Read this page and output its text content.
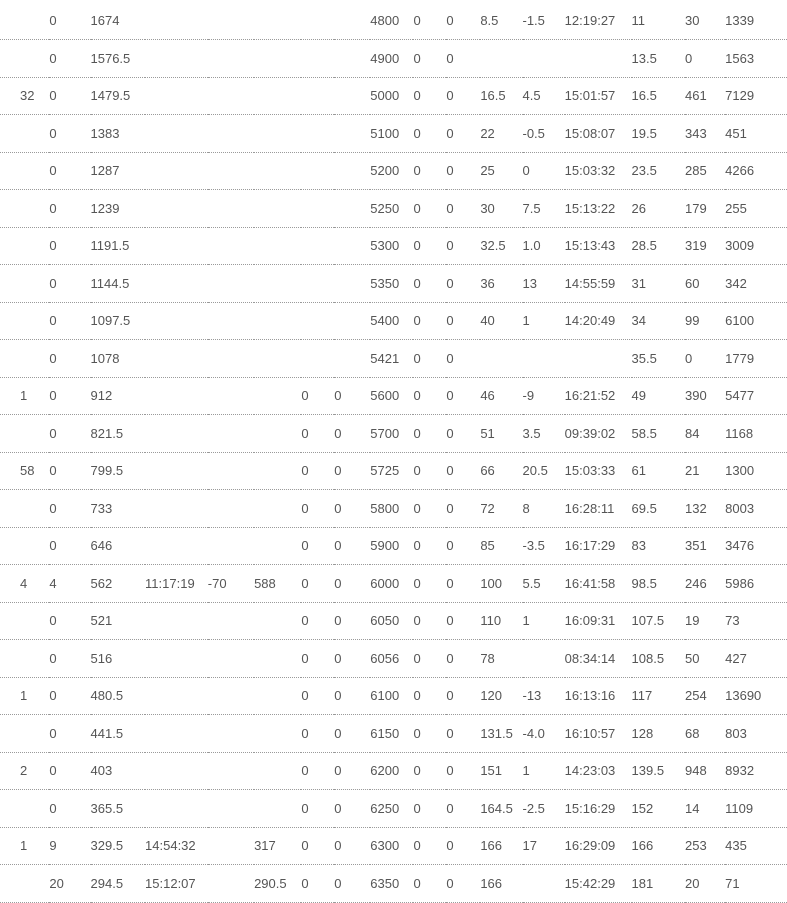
	0	1674						4800	0	0	8.5	-1.5	12:19:27	11	30	1339
	0	1576.5						4900	0	0				13.5	0	1563
32	0	1479.5						5000	0	0	16.5	4.5	15:01:57	16.5	461	7129
	0	1383						5100	0	0	22	-0.5	15:08:07	19.5	343	451
	0	1287						5200	0	0	25	0	15:03:32	23.5	285	4266
	0	1239						5250	0	0	30	7.5	15:13:22	26	179	255
	0	1191.5						5300	0	0	32.5	1.0	15:13:43	28.5	319	3009
	0	1144.5						5350	0	0	36	13	14:55:59	31	60	342
	0	1097.5						5400	0	0	40	1	14:20:49	34	99	6100
	0	1078						5421	0	0				35.5	0	1779
1	0	912				0	0	5600	0	0	46	-9	16:21:52	49	390	5477
	0	821.5				0	0	5700	0	0	51	3.5	09:39:02	58.5	84	1168
58	0	799.5				0	0	5725	0	0	66	20.5	15:03:33	61	21	1300
	0	733				0	0	5800	0	0	72	8	16:28:11	69.5	132	8003
	0	646				0	0	5900	0	0	85	-3.5	16:17:29	83	351	3476
4	4	562	11:17:19	-70	588	0	0	6000	0	0	100	5.5	16:41:58	98.5	246	5986
	0	521				0	0	6050	0	0	110	1	16:09:31	107.5	19	73
	0	516				0	0	6056	0	0	78		08:34:14	108.5	50	427
1	0	480.5				0	0	6100	0	0	120	-13	16:13:16	117	254	13690
	0	441.5				0	0	6150	0	0	131.5	-4.0	16:10:57	128	68	803
2	0	403				0	0	6200	0	0	151	1	14:23:03	139.5	948	8932
	0	365.5				0	0	6250	0	0	164.5	-2.5	15:16:29	152	14	1109
1	9	329.5	14:54:32		317	0	0	6300	0	0	166	17	16:29:09	166	253	435
	20	294.5	15:12:07		290.5	0	0	6350	0	0	166		15:42:29	181	20	71
